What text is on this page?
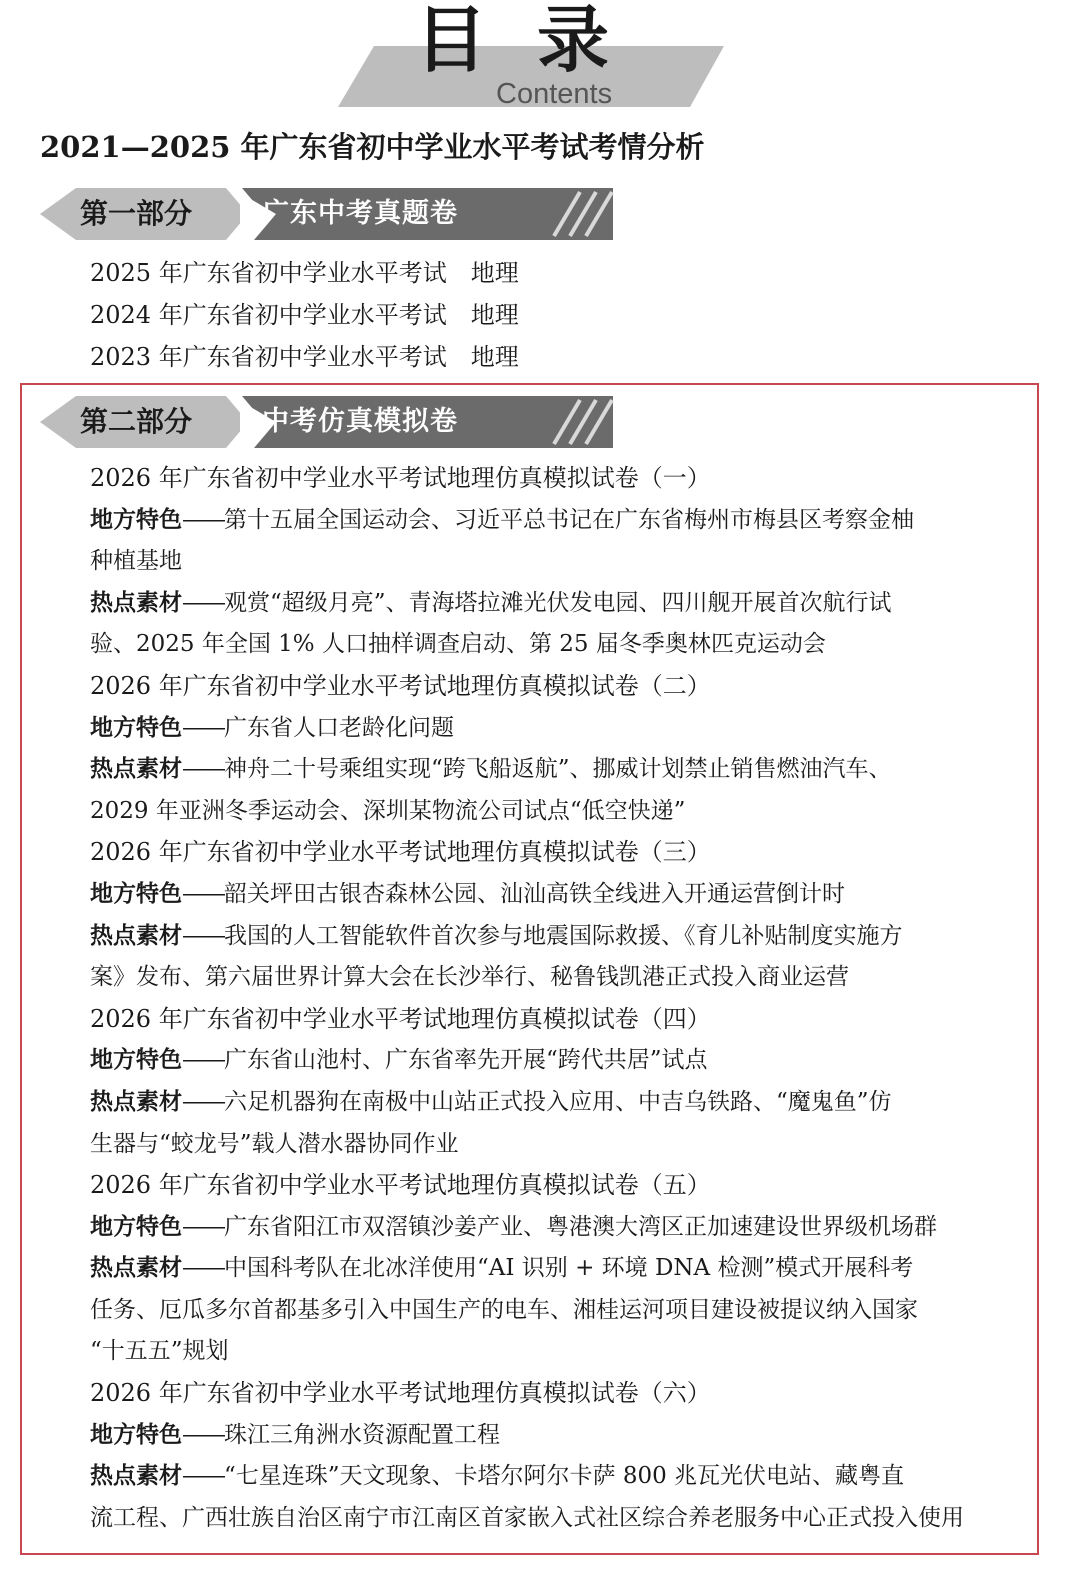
目录
Contents
2021—2025 年广东省初中学业水平考试考情分析
第一部分	广东中考真题卷
2025 年广东省初中学业水平考试 地理
2024 年广东省初中学业水平考试 地理
2023 年广东省初中学业水平考试 地理
第二部分	中考仿真模拟卷
2026 年广东省初中学业水平考试地理仿真模拟试卷（一）
地方特色——第十五届全国运动会、习近平总书记在广东省梅州市梅县区考察金柚
种植基地
热点素材——观赏“超级月亮”、青海塔拉滩光伏发电园、四川舰开展首次航行试
验、2025 年全国 1% 人口抽样调查启动、第 25 届冬季奥林匹克运动会
2026 年广东省初中学业水平考试地理仿真模拟试卷（二）
地方特色——广东省人口老龄化问题
热点素材——神舟二十号乘组实现“跨飞船返航”、挪威计划禁止销售燃油汽车、
2029 年亚洲冬季运动会、深圳某物流公司试点“低空快递”
2026 年广东省初中学业水平考试地理仿真模拟试卷（三）
地方特色——韶关坪田古银杏森林公园、汕汕高铁全线进入开通运营倒计时
热点素材——我国的人工智能软件首次参与地震国际救援、《育儿补贴制度实施方
案》发布、第六届世界计算大会在长沙举行、秘鲁钱凯港正式投入商业运营
2026 年广东省初中学业水平考试地理仿真模拟试卷（四）
地方特色——广东省山池村、广东省率先开展“跨代共居”试点
热点素材——六足机器狗在南极中山站正式投入应用、中吉乌铁路、“魔鬼鱼”仿
生器与“蛟龙号”载人潜水器协同作业
2026 年广东省初中学业水平考试地理仿真模拟试卷（五）
地方特色——广东省阳江市双滘镇沙姜产业、粤港澳大湾区正加速建设世界级机场群
热点素材——中国科考队在北冰洋使用“AI 识别 + 环境 DNA 检测”模式开展科考
任务、厄瓜多尔首都基多引入中国生产的电车、湘桂运河项目建设被提议纳入国家
“十五五”规划
2026 年广东省初中学业水平考试地理仿真模拟试卷（六）
地方特色——珠江三角洲水资源配置工程
热点素材——“七星连珠”天文现象、卡塔尔阿尔卡萨 800 兆瓦光伏电站、藏粤直
流工程、广西壮族自治区南宁市江南区首家嵌入式社区综合养老服务中心正式投入使用
